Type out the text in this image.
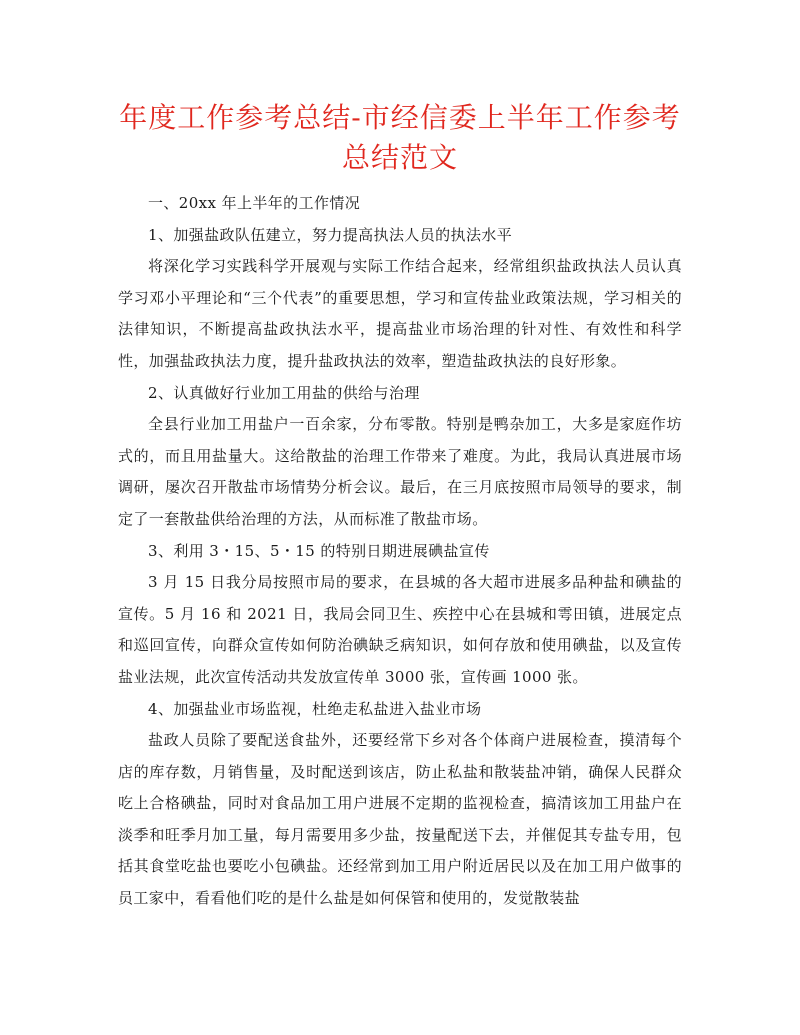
年度工作参考总结-市经信委上半年工作参考总结范文

一、20xx 年上半年的工作情况

1、加强盐政队伍建立，努力提高执法人员的执法水平

将深化学习实践科学开展观与实际工作结合起来，经常组织盐政执法人员认真学习邓小平理论和“三个代表”的重要思想，学习和宣传盐业政策法规，学习相关的法律知识，不断提高盐政执法水平，提高盐业市场治理的针对性、有效性和科学性，加强盐政执法力度，提升盐政执法的效率，塑造盐政执法的良好形象。

2、认真做好行业加工用盐的供给与治理

全县行业加工用盐户一百余家，分布零散。特别是鸭杂加工，大多是家庭作坊式的，而且用盐量大。这给散盐的治理工作带来了难度。为此，我局认真进展市场调研，屡次召开散盐市场情势分析会议。最后，在三月底按照市局领导的要求，制定了一套散盐供给治理的方法，从而标准了散盐市场。

3、利用 3・15、5・15 的特别日期进展碘盐宣传

3 月 15 日我分局按照市局的要求，在县城的各大超市进展多品种盐和碘盐的宣传。5 月 16 和 2021 日，我局会同卫生、疾控中心在县城和雩田镇，进展定点和巡回宣传，向群众宣传如何防治碘缺乏病知识，如何存放和使用碘盐，以及宣传盐业法规，此次宣传活动共发放宣传单 3000 张，宣传画 1000 张。

4、加强盐业市场监视，杜绝走私盐进入盐业市场

盐政人员除了要配送食盐外，还要经常下乡对各个体商户进展检查，摸清每个店的库存数，月销售量，及时配送到该店，防止私盐和散装盐冲销，确保人民群众吃上合格碘盐，同时对食品加工用户进展不定期的监视检查，搞清该加工用盐户在淡季和旺季月加工量，每月需要用多少盐，按量配送下去，并催促其专盐专用，包括其食堂吃盐也要吃小包碘盐。还经常到加工用户附近居民以及在加工用户做事的员工家中，看看他们吃的是什么盐是如何保管和使用的，发觉散装盐
